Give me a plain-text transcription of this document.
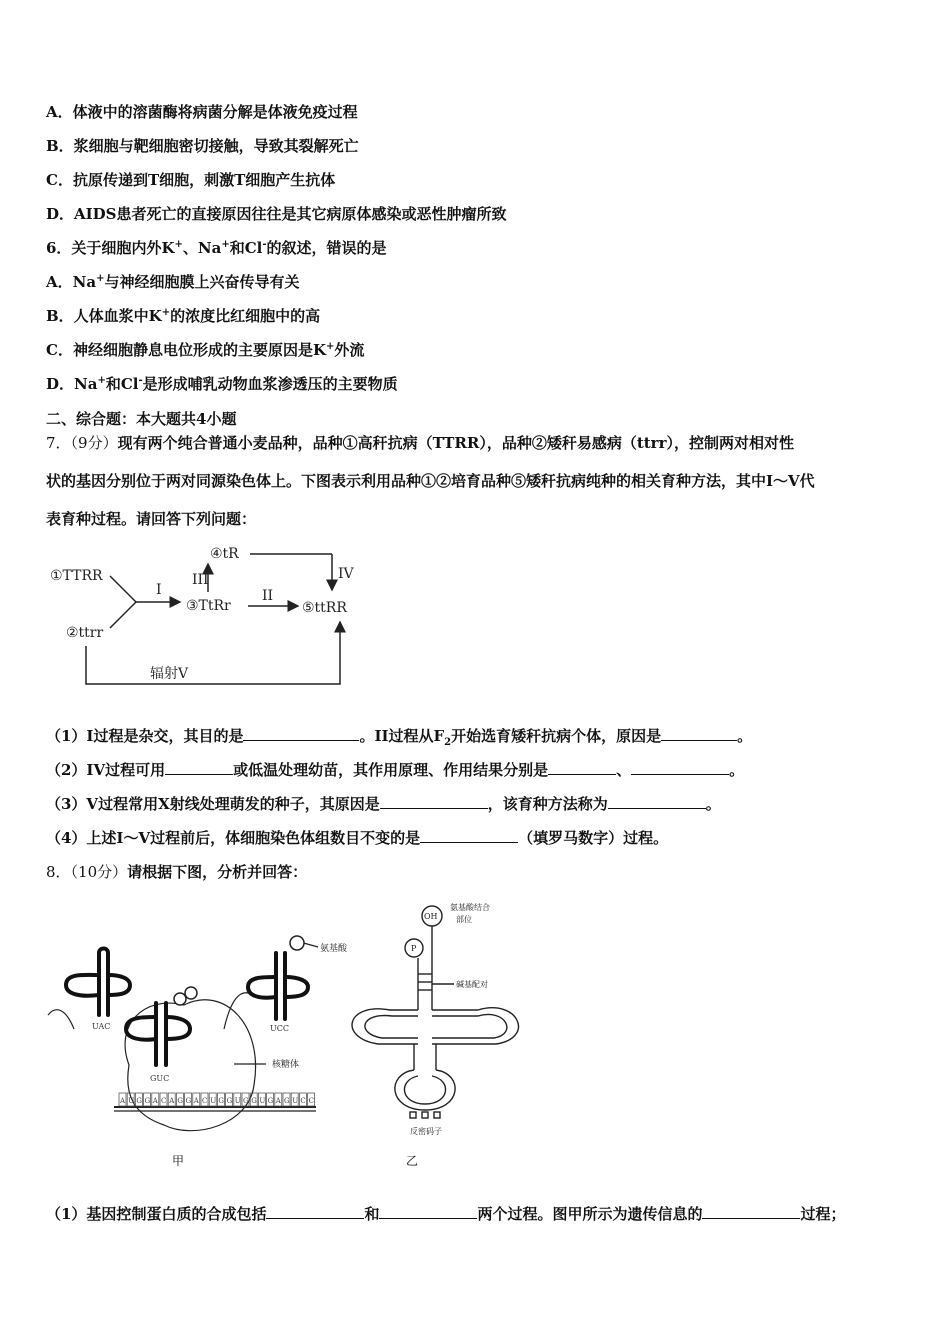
A．体液中的溶菌酶将病菌分解是体液免疫过程
B．浆细胞与靶细胞密切接触，导致其裂解死亡
C．抗原传递到T细胞，刺激T细胞产生抗体
D．AIDS患者死亡的直接原因往往是其它病原体感染或恶性肿瘤所致
6．关于细胞内外K+、Na+和Cl-的叙述，错误的是
A．Na+与神经细胞膜上兴奋传导有关
B．人体血浆中K+的浓度比红细胞中的高
C．神经细胞静息电位形成的主要原因是K+外流
D．Na+和Cl-是形成哺乳动物血浆渗透压的主要物质
二、综合题：本大题共4小题
7．（9分）现有两个纯合普通小麦品种，品种①高秆抗病（TTRR），品种②矮秆易感病（ttrr），控制两对相对性
状的基因分别位于两对同源染色体上。下图表示利用品种①②培育品种⑤矮秆抗病纯种的相关育种方法，其中I～V代
表育种过程。请回答下列问题：
①TTRR
②ttrr
③TtRr
④tR
⑤ttRR
I	II
III	IV
辐射V
（1）I过程是杂交，其目的是	。II过程从$F_2$开始选育矮秆抗病个体，原因是	。
（2）IV过程可用	或低温处理幼苗，其作用原理、作用结果分别是	、	。
（3）V过程常用X射线处理萌发的种子，其原因是	，该育种方法称为	。
（4）上述I～V过程前后，体细胞染色体组数目不变的是	（填罗马数字）过程。
8．（10分）请根据下图，分析并回答：
UAC
GUC
UCC
A U G G A C A G G A C U G G U G G U G A G U C C
氨基酸
核糖体
甲
OH
P
氨基酸结合
部位
碱基配对
反密码子
乙
（1）基因控制蛋白质的合成包括	和	两个过程。图甲所示为遗传信息的	过程；
